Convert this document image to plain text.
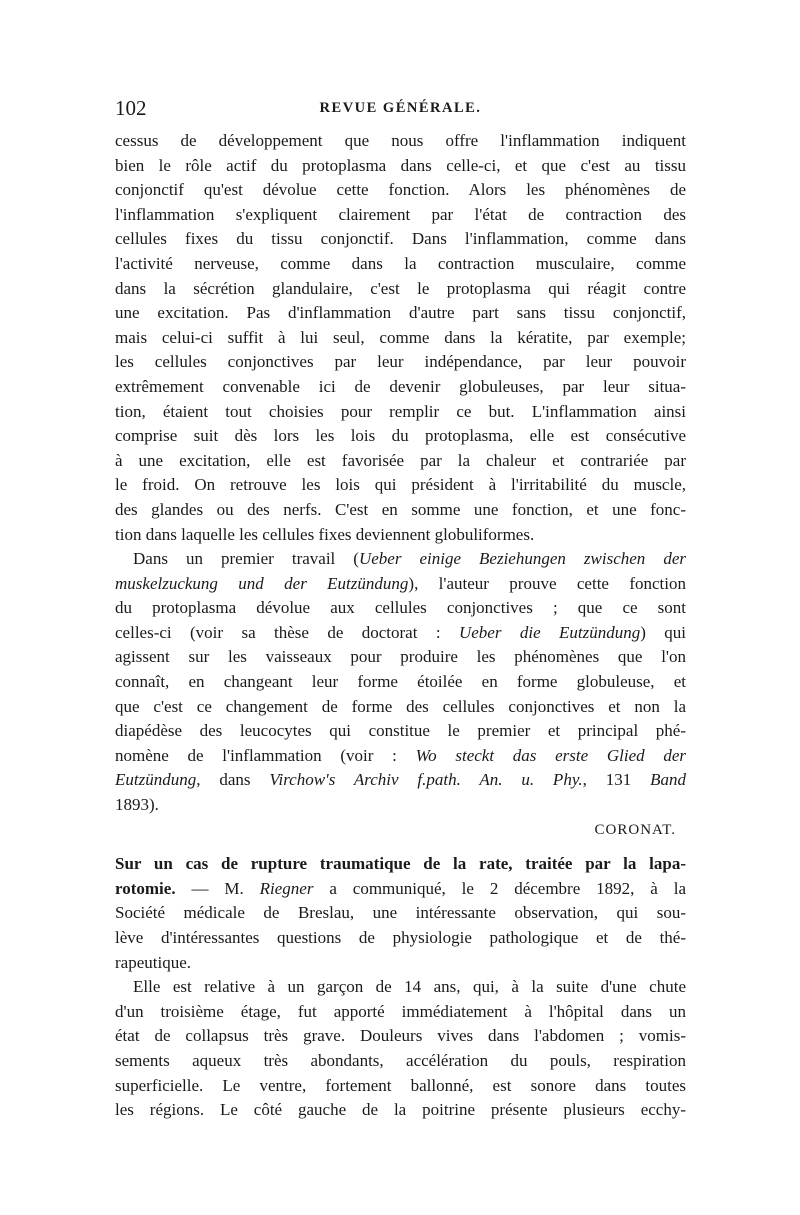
102	REVUE GÉNÉRALE.
cessus de développement que nous offre l'inflammation indiquent
bien le rôle actif du protoplasma dans celle-ci, et que c'est au tissu
conjonctif qu'est dévolue cette fonction. Alors les phénomènes de
l'inflammation s'expliquent clairement par l'état de contraction des
cellules fixes du tissu conjonctif. Dans l'inflammation, comme dans
l'activité nerveuse, comme dans la contraction musculaire, comme
dans la sécrétion glandulaire, c'est le protoplasma qui réagit contre
une excitation. Pas d'inflammation d'autre part sans tissu conjonctif,
mais celui-ci suffit à lui seul, comme dans la kératite, par exemple;
les cellules conjonctives par leur indépendance, par leur pouvoir
extrêmement convenable ici de devenir globuleuses, par leur situa-
tion, étaient tout choisies pour remplir ce but. L'inflammation ainsi
comprise suit dès lors les lois du protoplasma, elle est consécutive
à une excitation, elle est favorisée par la chaleur et contrariée par
le froid. On retrouve les lois qui président à l'irritabilité du muscle,
des glandes ou des nerfs. C'est en somme une fonction, et une fonc-
tion dans laquelle les cellules fixes deviennent globuliformes.
Dans un premier travail (Ueber einige Beziehungen zwischen der
muskelzuckung und der Eutzündung), l'auteur prouve cette fonction
du protoplasma dévolue aux cellules conjonctives ; que ce sont
celles-ci (voir sa thèse de doctorat : Ueber die Eutzündung) qui
agissent sur les vaisseaux pour produire les phénomènes que l'on
connaît, en changeant leur forme étoilée en forme globuleuse, et
que c'est ce changement de forme des cellules conjonctives et non la
diapédèse des leucocytes qui constitue le premier et principal phé-
nomène de l'inflammation (voir : Wo steckt das erste Glied der
Eutzündung, dans Virchow's Archiv f.path. An. u. Phy., 131 Band
1893).
CORONAT.
Sur un cas de rupture traumatique de la rate, traitée par la lapa-
rotomie. — M. Riegner a communiqué, le 2 décembre 1892, à la
Société médicale de Breslau, une intéressante observation, qui sou-
lève d'intéressantes questions de physiologie pathologique et de thé-
rapeutique.
Elle est relative à un garçon de 14 ans, qui, à la suite d'une chute
d'un troisième étage, fut apporté immédiatement à l'hôpital dans un
état de collapsus très grave. Douleurs vives dans l'abdomen ; vomis-
sements aqueux très abondants, accélération du pouls, respiration
superficielle. Le ventre, fortement ballonné, est sonore dans toutes
les régions. Le côté gauche de la poitrine présente plusieurs ecchy-
